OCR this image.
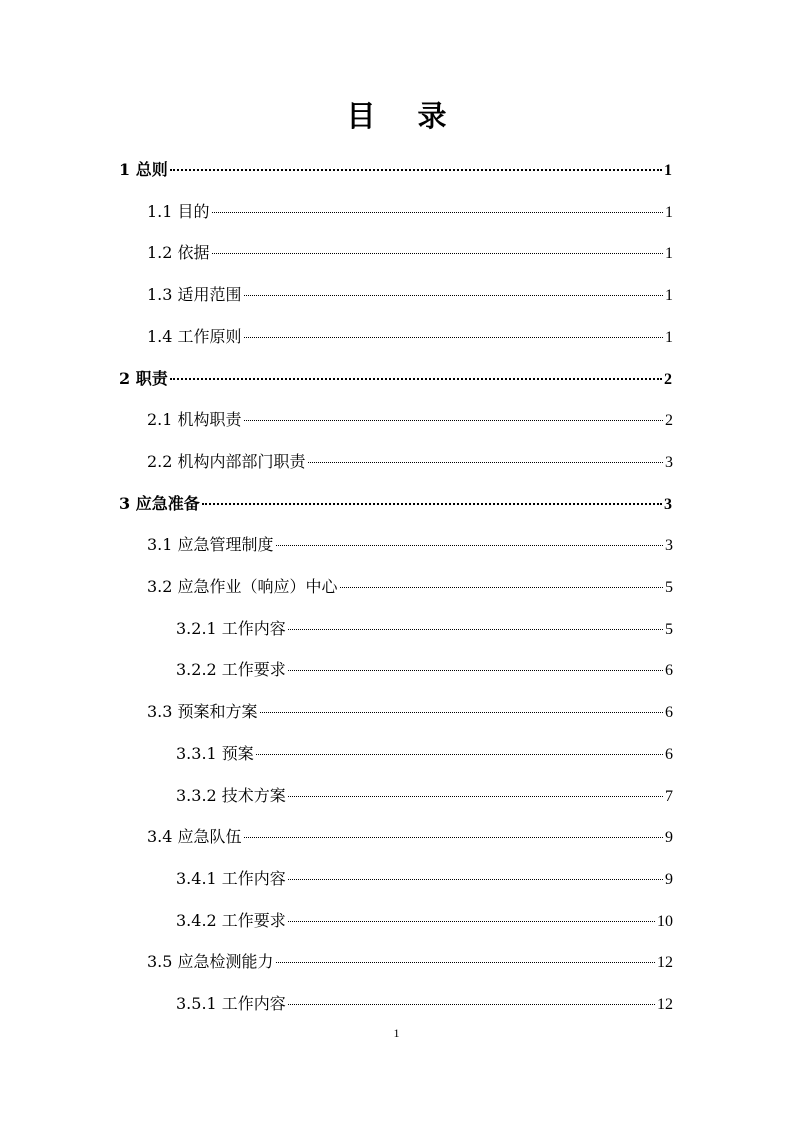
目 录
1 总则	1
1.1 目的	1
1.2 依据	1
1.3 适用范围	1
1.4 工作原则	1
2 职责	2
2.1 机构职责	2
2.2 机构内部部门职责	3
3 应急准备	3
3.1 应急管理制度	3
3.2 应急作业（响应）中心	5
3.2.1 工作内容	5
3.2.2 工作要求	6
3.3 预案和方案	6
3.3.1 预案	6
3.3.2 技术方案	7
3.4 应急队伍	9
3.4.1 工作内容	9
3.4.2 工作要求	10
3.5 应急检测能力	12
3.5.1 工作内容	12
1
